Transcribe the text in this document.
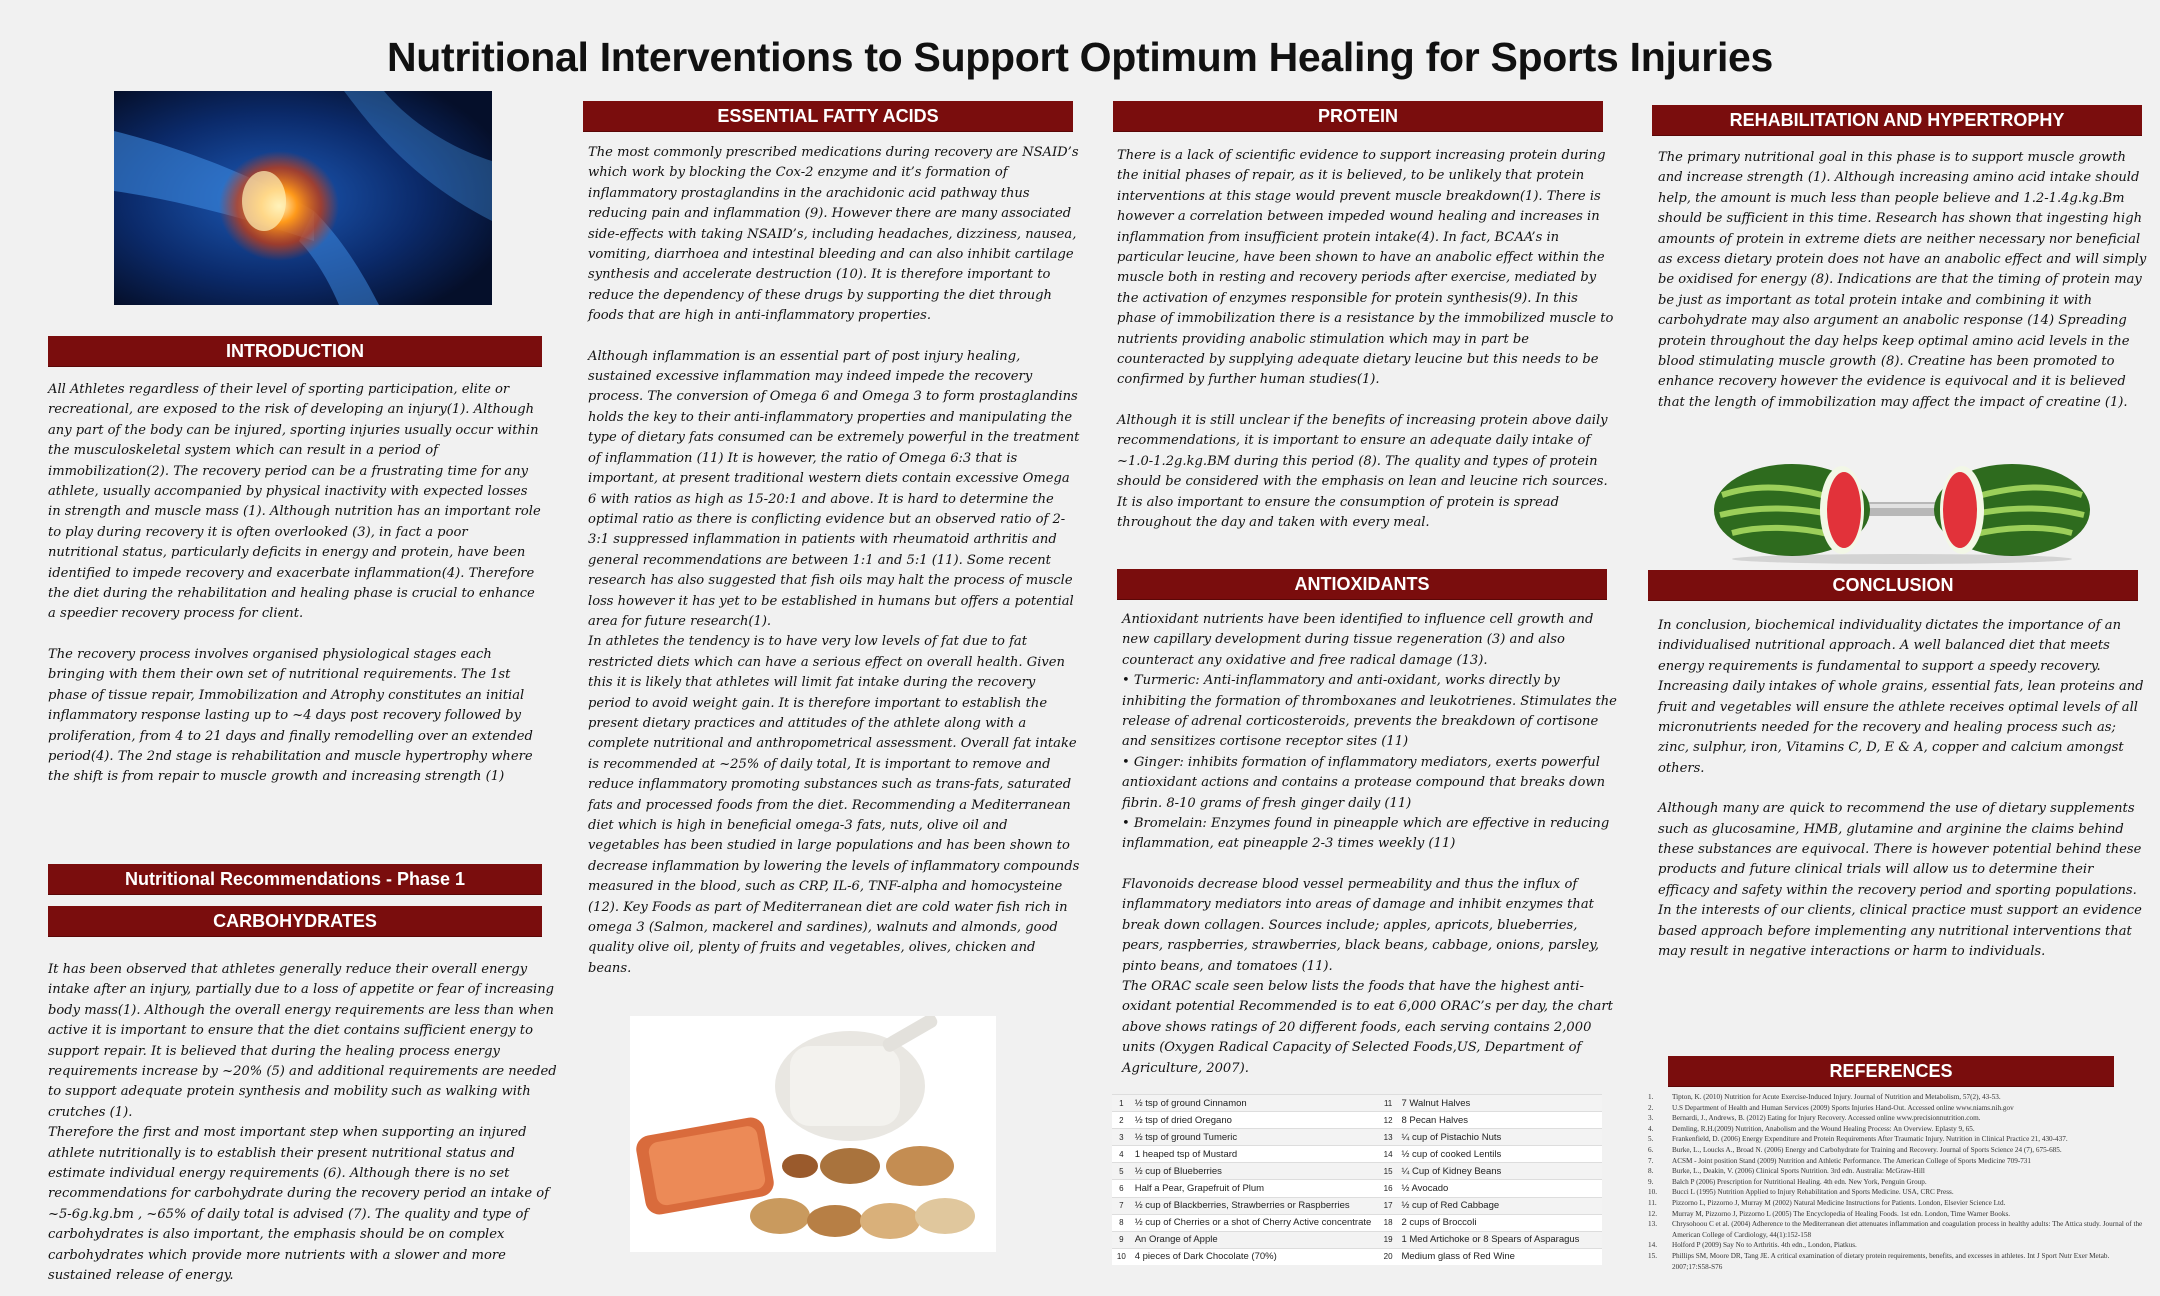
Nutritional Interventions to Support Optimum Healing for Sports Injuries
INTRODUCTION

All Athletes regardless of their level of sporting participation, elite or recreational, are exposed to the risk of developing an injury(1). Although any part of the body can be injured, sporting injuries usually occur within the musculoskeletal system which can result in a period of immobilization(2). The recovery period can be a frustrating time for any athlete, usually accompanied by physical inactivity with expected losses in strength and muscle mass (1). Although nutrition has an important role to play during recovery it is often overlooked (3), in fact a poor nutritional status, particularly deficits in energy and protein, have been identified to impede recovery and exacerbate inflammation(4). Therefore the diet during the rehabilitation and healing phase is crucial to enhance a speedier recovery process for client.

The recovery process involves organised physiological stages each bringing with them their own set of nutritional requirements. The 1st phase of tissue repair, Immobilization and Atrophy constitutes an initial inflammatory response lasting up to ~4 days post recovery followed by proliferation, from 4 to 21 days and finally remodelling over an extended period(4). The 2nd stage is rehabilitation and muscle hypertrophy where the shift is from repair to muscle growth and increasing strength (1)

Nutritional Recommendations - Phase 1
CARBOHYDRATES

It has been observed that athletes generally reduce their overall energy intake after an injury, partially due to a loss of appetite or fear of increasing body mass(1). Although the overall energy requirements are less than when active it is important to ensure that the diet contains sufficient energy to support repair. It is believed that during the healing process energy requirements increase by ~20% (5) and additional requirements are needed to support adequate protein synthesis and mobility such as walking with crutches (1).

Therefore the first and most important step when supporting an injured athlete nutritionally is to establish their present nutritional status and estimate individual energy requirements (6). Although there is no set recommendations for carbohydrate during the recovery period an intake of ~5-6g.kg.bm , ~65% of daily total is advised (7). The quality and type of carbohydrates is also important, the emphasis should be on complex carbohydrates which provide more nutrients with a slower and more sustained release of energy.

ESSENTIAL FATTY ACIDS

The most commonly prescribed medications during recovery are NSAID’s which work by blocking the Cox-2 enzyme and it’s formation of inflammatory prostaglandins in the arachidonic acid pathway thus reducing pain and inflammation (9). However there are many associated side-effects with taking NSAID’s, including headaches, dizziness, nausea, vomiting, diarrhoea and intestinal bleeding and can also inhibit cartilage synthesis and accelerate destruction (10). It is therefore important to reduce the dependency of these drugs by supporting the diet through foods that are high in anti-inflammatory properties.

Although inflammation is an essential part of post injury healing, sustained excessive inflammation may indeed impede the recovery process. The conversion of Omega 6 and Omega 3 to form prostaglandins holds the key to their anti-inflammatory properties and manipulating the type of dietary fats consumed can be extremely powerful in the treatment of inflammation (11) It is however, the ratio of Omega 6:3 that is important, at present traditional western diets contain excessive Omega 6 with ratios as high as 15-20:1 and above. It is hard to determine the optimal ratio as there is conflicting evidence but an observed ratio of 2-3:1 suppressed inflammation in patients with rheumatoid arthritis and general recommendations are between 1:1 and 5:1 (11). Some recent research has also suggested that fish oils may halt the process of muscle loss however it has yet to be established in humans but offers a potential area for future research(1).

In athletes the tendency is to have very low levels of fat due to fat restricted diets which can have a serious effect on overall health. Given this it is likely that athletes will limit fat intake during the recovery period to avoid weight gain. It is therefore important to establish the present dietary practices and attitudes of the athlete along with a complete nutritional and anthropometrical assessment. Overall fat intake is recommended at ~25% of daily total, It is important to remove and reduce inflammatory promoting substances such as trans-fats, saturated fats and processed foods from the diet. Recommending a Mediterranean diet which is high in beneficial omega-3 fats, nuts, olive oil and vegetables has been studied in large populations and has been shown to decrease inflammation by lowering the levels of inflammatory compounds measured in the blood, such as CRP, IL-6, TNF-alpha and homocysteine (12). Key Foods as part of Mediterranean diet are cold water fish rich in omega 3 (Salmon, mackerel and sardines), walnuts and almonds, good quality olive oil, plenty of fruits and vegetables, olives, chicken and beans.

PROTEIN

There is a lack of scientific evidence to support increasing protein during the initial phases of repair, as it is believed, to be unlikely that protein interventions at this stage would prevent muscle breakdown(1). There is however a correlation between impeded wound healing and increases in inflammation from insufficient protein intake(4). In fact, BCAA’s in particular leucine, have been shown to have an anabolic effect within the muscle both in resting and recovery periods after exercise, mediated by the activation of enzymes responsible for protein synthesis(9). In this phase of immobilization there is a resistance by the immobilized muscle to nutrients providing anabolic stimulation which may in part be counteracted by supplying adequate dietary leucine but this needs to be confirmed by further human studies(1).

Although it is still unclear if the benefits of increasing protein above daily recommendations, it is important to ensure an adequate daily intake of ~1.0-1.2g.kg.BM during this period (8). The quality and types of protein should be considered with the emphasis on lean and leucine rich sources. It is also important to ensure the consumption of protein is spread throughout the day and taken with every meal.

ANTIOXIDANTS

Antioxidant nutrients have been identified to influence cell growth and new capillary development during tissue regeneration (3) and also counteract any oxidative and free radical damage (13).

• Turmeric: Anti-inflammatory and anti-oxidant, works directly by inhibiting the formation of thromboxanes and leukotrienes. Stimulates the release of adrenal corticosteroids, prevents the breakdown of cortisone and sensitizes cortisone receptor sites (11)

• Ginger: inhibits formation of inflammatory mediators, exerts powerful antioxidant actions and contains a protease compound that breaks down fibrin. 8-10 grams of fresh ginger daily (11)

• Bromelain: Enzymes found in pineapple which are effective in reducing inflammation, eat pineapple 2-3 times weekly (11)

Flavonoids decrease blood vessel permeability and thus the influx of inflammatory mediators into areas of damage and inhibit enzymes that break down collagen. Sources include; apples, apricots, blueberries, pears, raspberries, strawberries, black beans, cabbage, onions, parsley, pinto beans, and tomatoes (11).

The ORAC scale seen below lists the foods that have the highest anti-oxidant potential Recommended is to eat 6,000 ORAC’s per day, the chart above shows ratings of 20 different foods, each serving contains 2,000 units (Oxygen Radical Capacity of Selected Foods,US, Department of Agriculture, 2007).

1	½ tsp of ground Cinnamon	11	7 Walnut Halves
2	½ tsp of dried Oregano	12	8 Pecan Halves
3	½ tsp of ground Tumeric	13	¼ cup of Pistachio Nuts
4	1 heaped tsp of Mustard	14	½ cup of cooked Lentils
5	½ cup of Blueberries	15	¼ Cup of Kidney Beans
6	Half a Pear, Grapefruit of Plum	16	½ Avocado
7	½ cup of Blackberries, Strawberries or Raspberries	17	½ cup of Red Cabbage
8	½ cup of Cherries or a shot of Cherry Active concentrate	18	2 cups of Broccoli
9	An Orange of Apple	19	1 Med Artichoke or 8 Spears of Asparagus
10	4 pieces of Dark Chocolate (70%)	20	Medium glass of Red Wine
REHABILITATION AND HYPERTROPHY

The primary nutritional goal in this phase is to support muscle growth and increase strength (1). Although increasing amino acid intake should help, the amount is much less than people believe and 1.2-1.4g.kg.Bm should be sufficient in this time. Research has shown that ingesting high amounts of protein in extreme diets are neither necessary nor beneficial as excess dietary protein does not have an anabolic effect and will simply be oxidised for energy (8). Indications are that the timing of protein may be just as important as total protein intake and combining it with carbohydrate may also argument an anabolic response (14) Spreading protein throughout the day helps keep optimal amino acid levels in the blood stimulating muscle growth (8). Creatine has been promoted to enhance recovery however the evidence is equivocal and it is believed that the length of immobilization may affect the impact of creatine (1).

CONCLUSION

In conclusion, biochemical individuality dictates the importance of an individualised nutritional approach. A well balanced diet that meets energy requirements is fundamental to support a speedy recovery. Increasing daily intakes of whole grains, essential fats, lean proteins and fruit and vegetables will ensure the athlete receives optimal levels of all micronutrients needed for the recovery and healing process such as; zinc, sulphur, iron, Vitamins C, D, E & A, copper and calcium amongst others.

Although many are quick to recommend the use of dietary supplements such as glucosamine, HMB, glutamine and arginine the claims behind these substances are equivocal. There is however potential behind these products and future clinical trials will allow us to determine their efficacy and safety within the recovery period and sporting populations. In the interests of our clients, clinical practice must support an evidence based approach before implementing any nutritional interventions that may result in negative interactions or harm to individuals.

REFERENCES
1.	Tipton, K. (2010) Nutrition for Acute Exercise-Induced Injury. Journal of Nutrition and Metabolism, 57(2), 43-53.
2.	U.S Department of Health and Human Services (2009) Sports Injuries Hand-Out. Accessed online www.niams.nih.gov
3.	Bernardi, J., Andrews, B. (2012) Eating for Injury Recovery. Accessed online www.precisionnutrition.com.
4.	Demling, R.H.(2009) Nutrition, Anabolism and the Wound Healing Process: An Overview. Eplasty 9, 65.
5.	Frankenfield, D. (2006) Energy Expenditure and Protein Requirements After Traumatic Injury. Nutrition in Clinical Practice 21, 430-437.
6.	Burke, L., Loucks A., Broad N. (2006) Energy and Carbohydrate for Training and Recovery. Journal of Sports Science 24 (7), 675-685.
7.	ACSM - Joint position Stand (2009) Nutrition and Athletic Performance. The American College of Sports Medicine 709-731
8.	Burke, L., Deakin, V. (2006) Clinical Sports Nutrition. 3rd edn. Australia: McGraw-Hill
9.	Balch P (2006) Prescription for Nutritional Healing. 4th edn. New York, Penguin Group.
10.	Bucci L (1995) Nutrition Applied to Injury Rehabilitation and Sports Medicine. USA, CRC Press.
11.	Pizzorno L, Pizzorno J, Murray M (2002) Natural Medicine Instructions for Patients. London, Elsevier Science Ltd.
12.	Murray M, Pizzorno J, Pizzorno L (2005) The Encyclopedia of Healing Foods. 1st edn. London, Time Warner Books.
13.	Chrysohoou C et al. (2004) Adherence to the Mediterranean diet attenuates inflammation and coagulation process in healthy adults: The Attica study. Journal of the American College of Cardiology, 44(1):152-158
14.	Holford P (2009) Say No to Arthritis. 4th edn., London, Piatkus.
15.	Phillips SM, Moore DR, Tang JE. A critical examination of dietary protein requirements, benefits, and excesses in athletes. Int J Sport Nutr Exer Metab. 2007;17:S58-S76
